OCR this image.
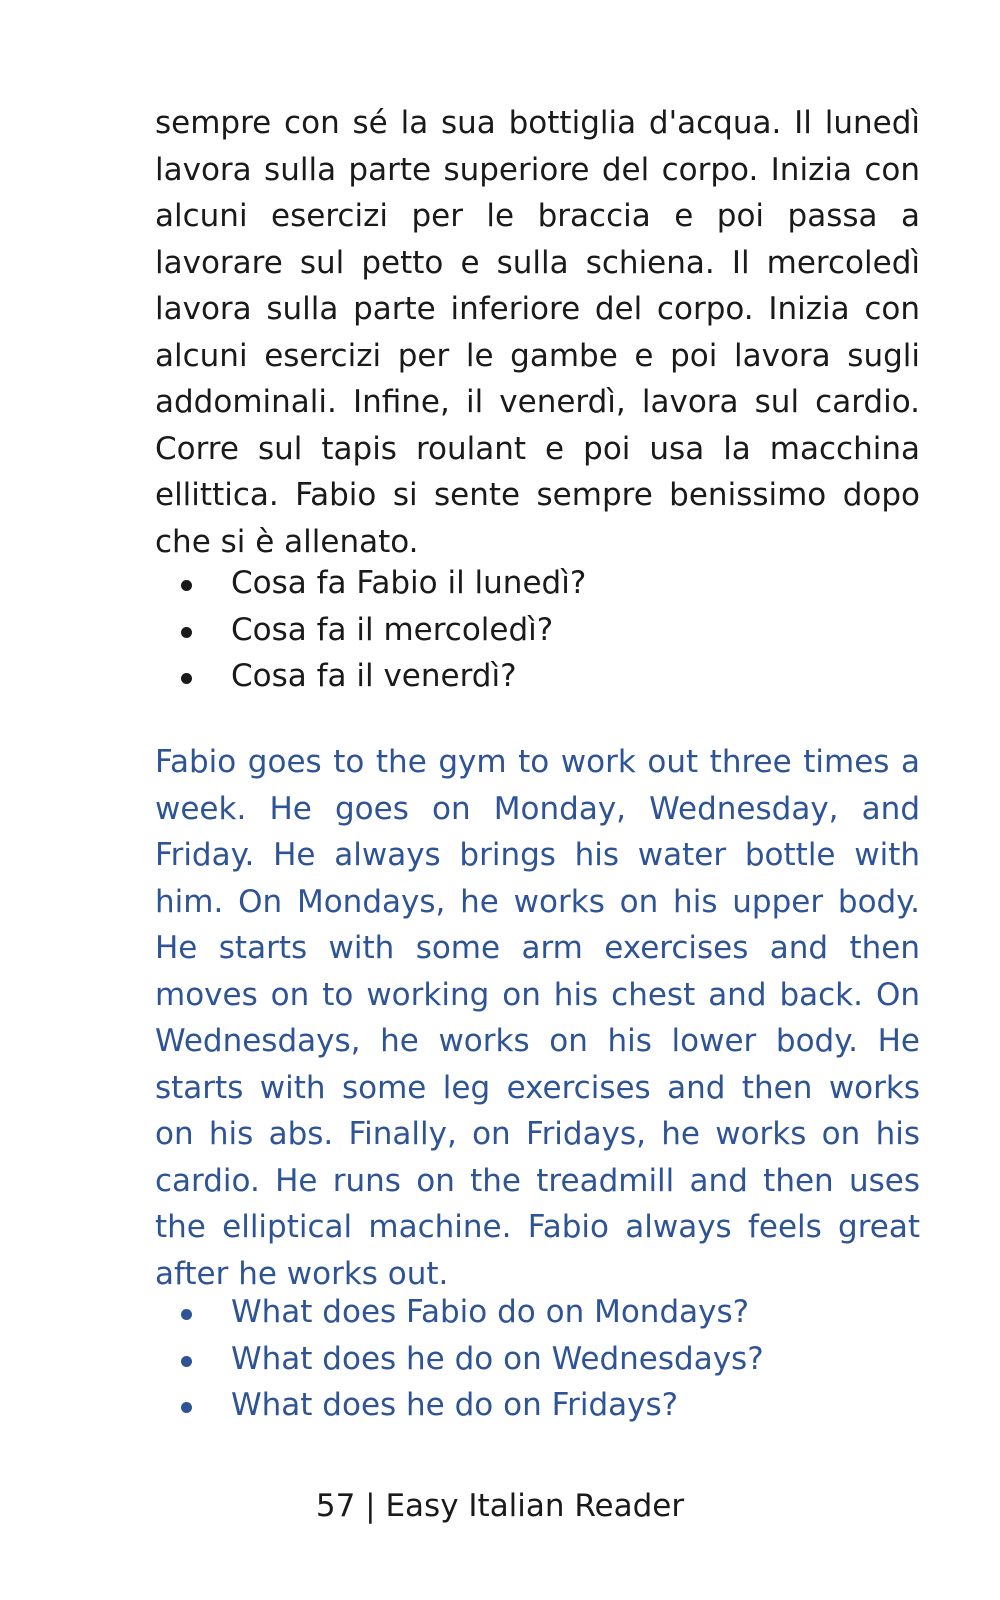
sempre con sé la sua bottiglia d'acqua. Il lunedì lavora sulla parte superiore del corpo. Inizia con alcuni esercizi per le braccia e poi passa a lavorare sul petto e sulla schiena. Il mercoledì lavora sulla parte inferiore del corpo. Inizia con alcuni esercizi per le gambe e poi lavora sugli addominali. Infine, il venerdì, lavora sul cardio. Corre sul tapis roulant e poi usa la macchina ellittica. Fabio si sente sempre benissimo dopo che si è allenato.

Cosa fa Fabio il lunedì?
Cosa fa il mercoledì?
Cosa fa il venerdì?

Fabio goes to the gym to work out three times a week. He goes on Monday, Wednesday, and Friday. He always brings his water bottle with him. On Mondays, he works on his upper body. He starts with some arm exercises and then moves on to working on his chest and back. On Wednesdays, he works on his lower body. He starts with some leg exercises and then works on his abs. Finally, on Fridays, he works on his cardio. He runs on the treadmill and then uses the elliptical machine. Fabio always feels great after he works out.

What does Fabio do on Mondays?
What does he do on Wednesdays?
What does he do on Fridays?
57 | Easy Italian Reader
